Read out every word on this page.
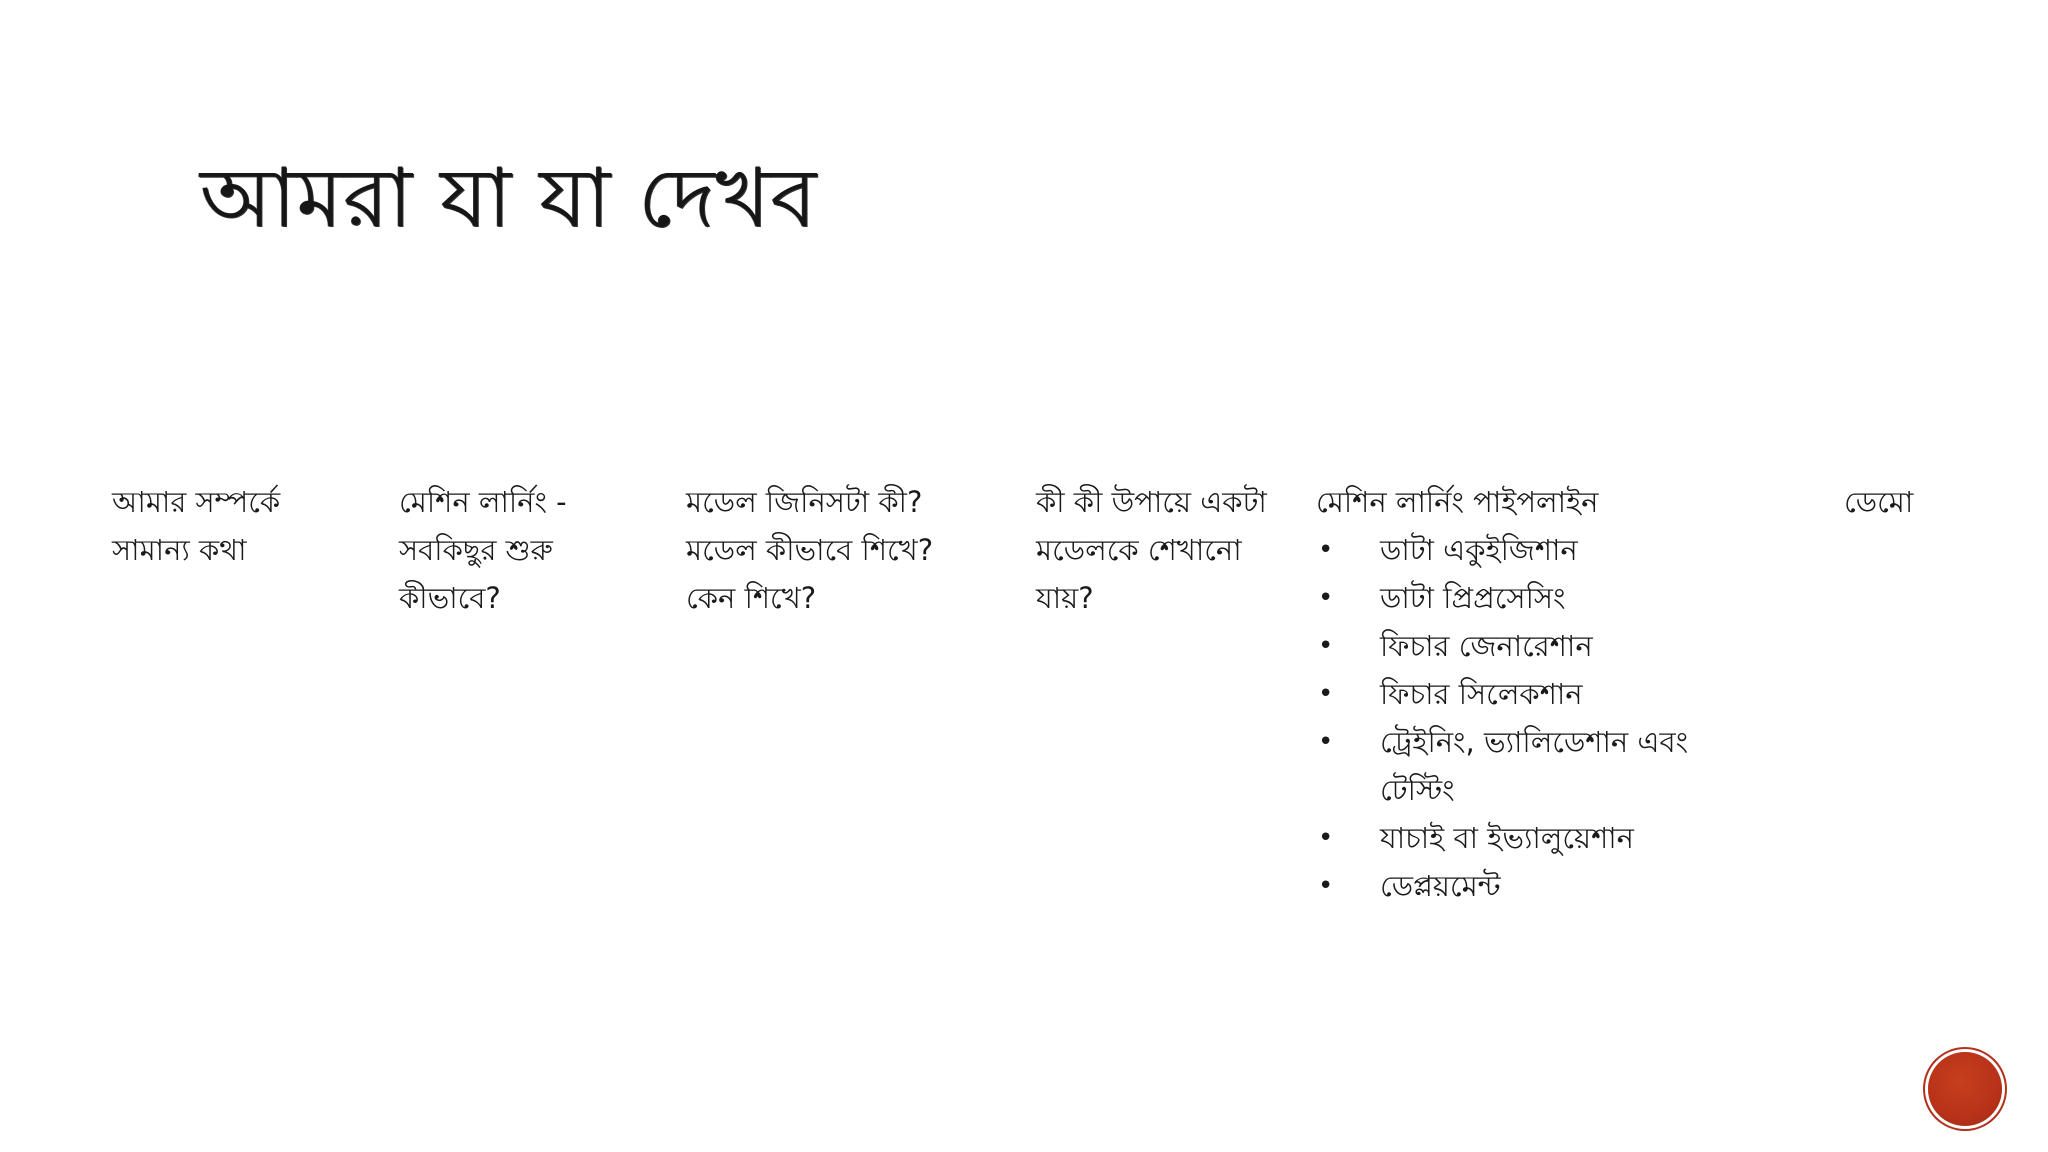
আমরা যা যা দেখব

আমার সম্পর্কে
সামান্য কথা

মেশিন লার্নিং -
সবকিছুর শুরু
কীভাবে?

মডেল জিনিসটা কী?
মডেল কীভাবে শিখে?
কেন শিখে?

কী কী উপায়ে একটা
মডেলকে শেখানো
যায়?

মেশিন লার্নিং পাইপলাইন

• ডাটা একুইজিশান
• ডাটা প্রিপ্রসেসিং
• ফিচার জেনারেশান
• ফিচার সিলেকশান
• ট্রেইনিং, ভ্যালিডেশান এবং
টেস্টিং
• যাচাই বা ইভ্যালুয়েশান
• ডেপ্লয়মেন্ট

ডেমো
